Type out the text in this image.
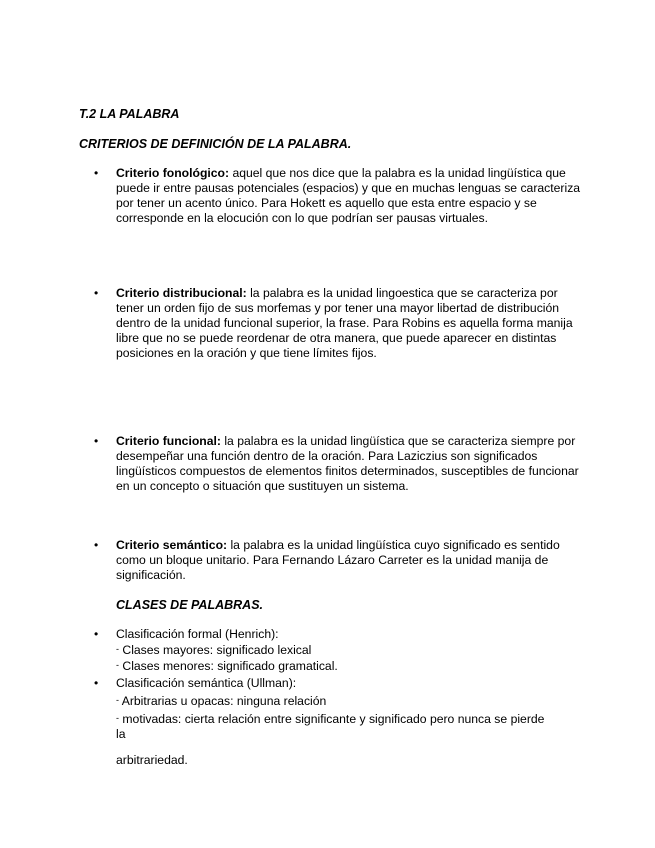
T.2 LA PALABRA
CRITERIOS DE DEFINICIÓN DE LA PALABRA.
• Criterio fonológico: aquel que nos dice que la palabra es la unidad lingüística que puede ir entre pausas potenciales (espacios) y que en muchas lenguas se caracteriza por tener un acento único. Para Hokett es aquello que esta entre espacio y se corresponde en la elocución con lo que podrían ser pausas virtuales.

• Criterio distribucional: la palabra es la unidad lingoestica que se caracteriza por tener un orden fijo de sus morfemas y por tener una mayor libertad de distribución dentro de la unidad funcional superior, la frase. Para Robins es aquella forma manija libre que no se puede reordenar de otra manera, que puede aparecer en distintas posiciones en la oración y que tiene límites fijos.

• Criterio funcional: la palabra es la unidad lingüística que se caracteriza siempre por desempeñar una función dentro de la oración. Para Laziczius son significados lingüísticos compuestos de elementos finitos determinados, susceptibles de funcionar en un concepto o situación que sustituyen un sistema.

• Criterio semántico: la palabra es la unidad lingüística cuyo significado es sentido como un bloque unitario. Para Fernando Lázaro Carreter es la unidad manija de significación.

CLASES DE PALABRAS.
• Clasificación formal (Henrich):
- Clases mayores: significado lexical
- Clases menores: significado gramatical.
• Clasificación semántica (Ullman):
- Arbitrarias u opacas: ninguna relación
- motivadas: cierta relación entre significante y significado pero nunca se pierde
la
arbitrariedad.
